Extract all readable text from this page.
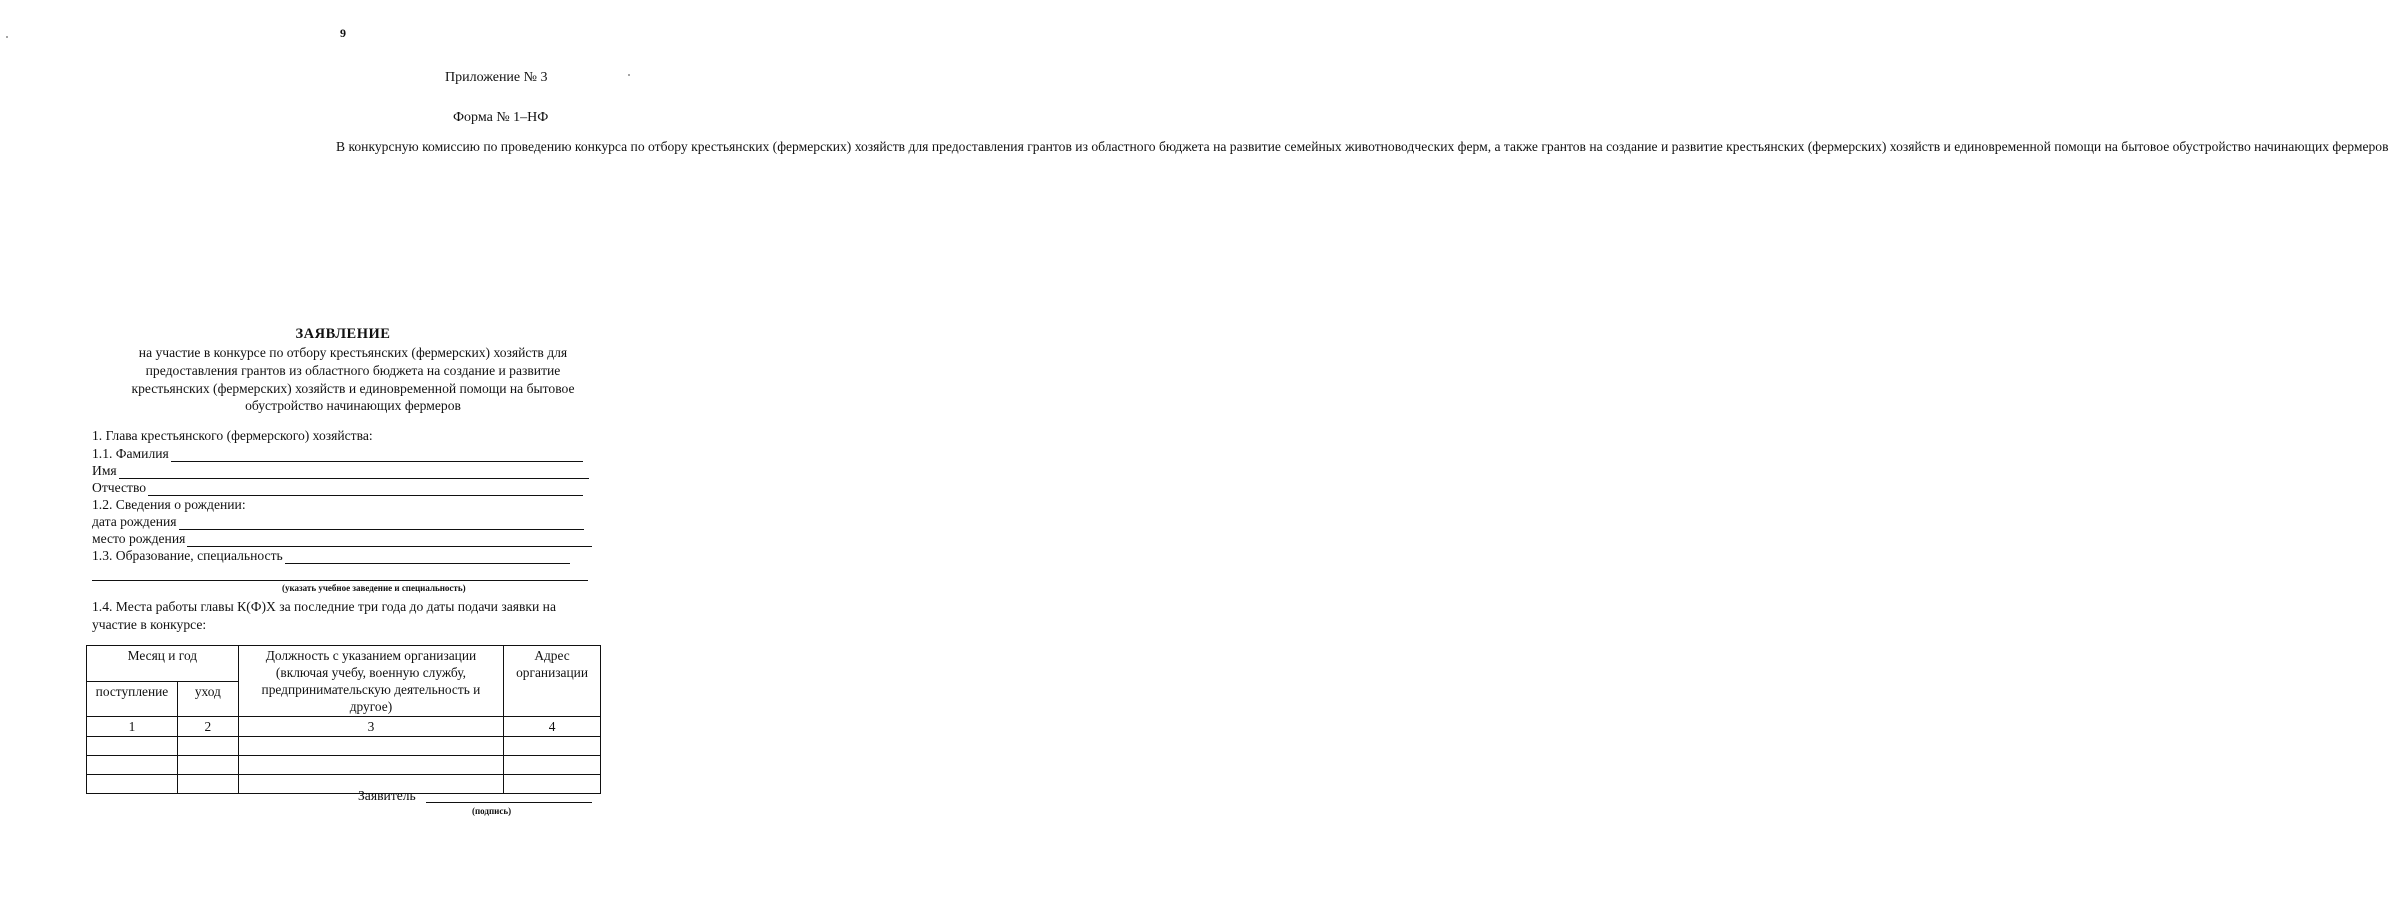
9
Приложение № 3
Форма № 1–НФ
В конкурсную комиссию по проведению конкурса по отбору крестьянских (фермерских) хозяйств для предоставления грантов из областного бюджета на развитие семейных животноводческих ферм, а также грантов на создание и развитие крестьянских (фермерских) хозяйств и единовременной помощи на бытовое обустройство начинающих фермеров
ЗАЯВЛЕНИЕ
на участие в конкурсе по отбору крестьянских (фермерских) хозяйств для предоставления грантов из областного бюджета на создание и развитие крестьянских (фермерских) хозяйств и единовременной помощи на бытовое обустройство начинающих фермеров
1. Глава крестьянского (фермерского) хозяйства:
1.1. Фамилия
Имя
Отчество
1.2. Сведения о рождении:
дата рождения
место рождения
1.3. Образование, специальность
(указать учебное заведение и специальность)
1.4. Места работы главы К(Ф)Х за последние три года до даты подачи заявки на участие в конкурсе:
Месяц и год		Должность с указанием организации (включая учебу, военную службу, предпринимательскую деятельность и другое)	Адрес организации
поступление	уход		
1	2	3	4

Заявитель
(подпись)
